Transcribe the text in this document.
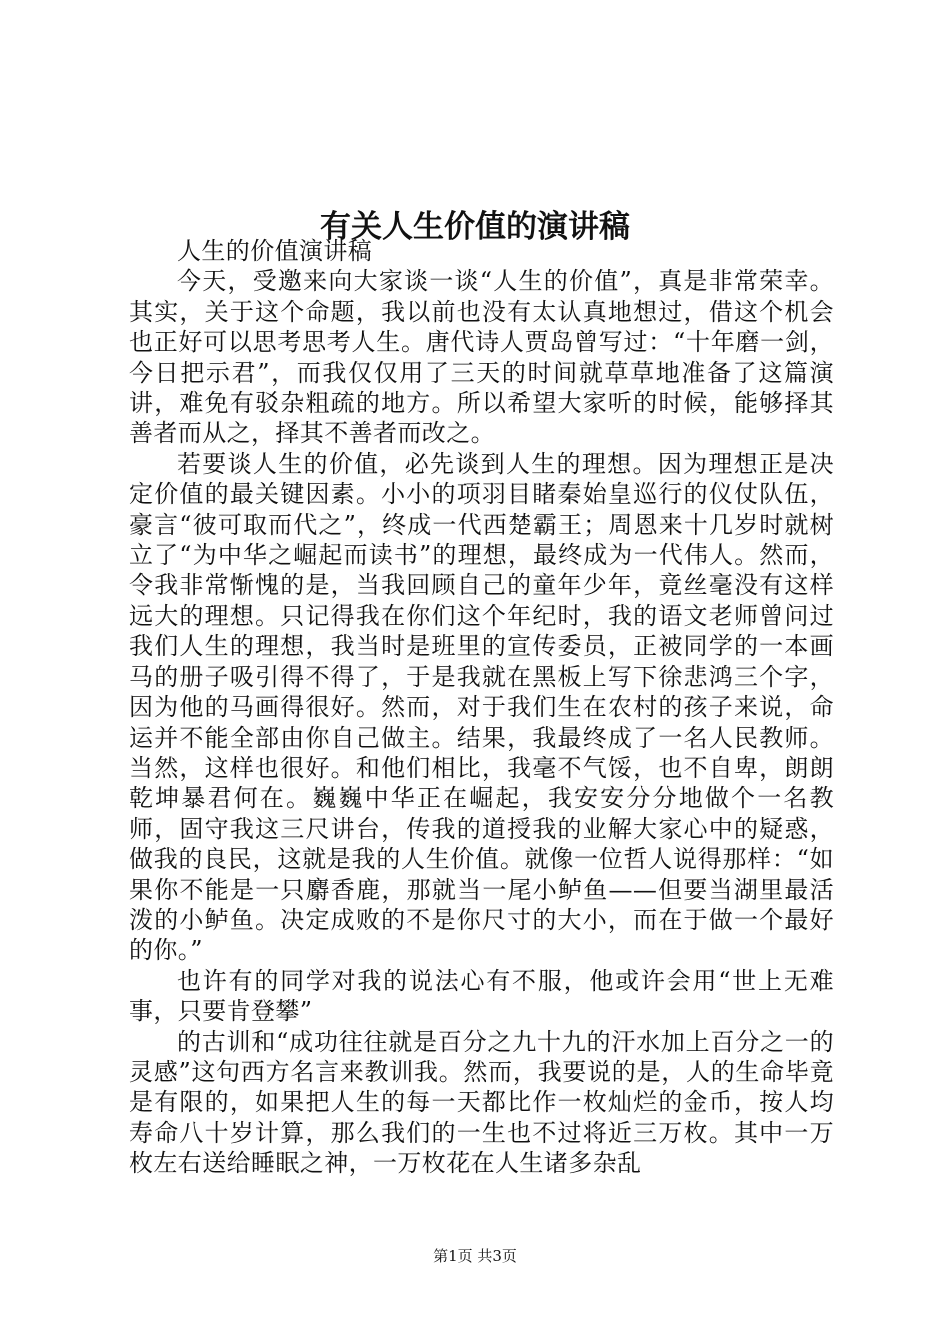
有关人生价值的演讲稿

人生的价值演讲稿

今天，受邀来向大家谈一谈“人生的价值”，真是非常荣幸。其实，关于这个命题，我以前也没有太认真地想过，借这个机会也正好可以思考思考人生。唐代诗人贾岛曾写过：“十年磨一剑，今日把示君”，而我仅仅用了三天的时间就草草地准备了这篇演讲，难免有驳杂粗疏的地方。所以希望大家听的时候，能够择其善者而从之，择其不善者而改之。

若要谈人生的价值，必先谈到人生的理想。因为理想正是决定价值的最关键因素。小小的项羽目睹秦始皇巡行的仪仗队伍，豪言“彼可取而代之”，终成一代西楚霸王；周恩来十几岁时就树立了“为中华之崛起而读书”的理想，最终成为一代伟人。然而，令我非常惭愧的是，当我回顾自己的童年少年，竟丝毫没有这样远大的理想。只记得我在你们这个年纪时，我的语文老师曾问过我们人生的理想，我当时是班里的宣传委员，正被同学的一本画马的册子吸引得不得了，于是我就在黑板上写下徐悲鸿三个字，因为他的马画得很好。然而，对于我们生在农村的孩子来说，命运并不能全部由你自己做主。结果，我最终成了一名人民教师。当然，这样也很好。和他们相比，我毫不气馁，也不自卑，朗朗乾坤暴君何在。巍巍中华正在崛起，我安安分分地做个一名教师，固守我这三尺讲台，传我的道授我的业解大家心中的疑惑，做我的良民，这就是我的人生价值。就像一位哲人说得那样：“如果你不能是一只麝香鹿，那就当一尾小鲈鱼——但要当湖里最活泼的小鲈鱼。决定成败的不是你尺寸的大小，而在于做一个最好的你。”

也许有的同学对我的说法心有不服，他或许会用“世上无难事，只要肯登攀”

的古训和“成功往往就是百分之九十九的汗水加上百分之一的灵感”这句西方名言来教训我。然而，我要说的是，人的生命毕竟是有限的，如果把人生的每一天都比作一枚灿烂的金币，按人均寿命八十岁计算，那么我们的一生也不过将近三万枚。其中一万枚左右送给睡眠之神，一万枚花在人生诸多杂乱

第1页 共3页
